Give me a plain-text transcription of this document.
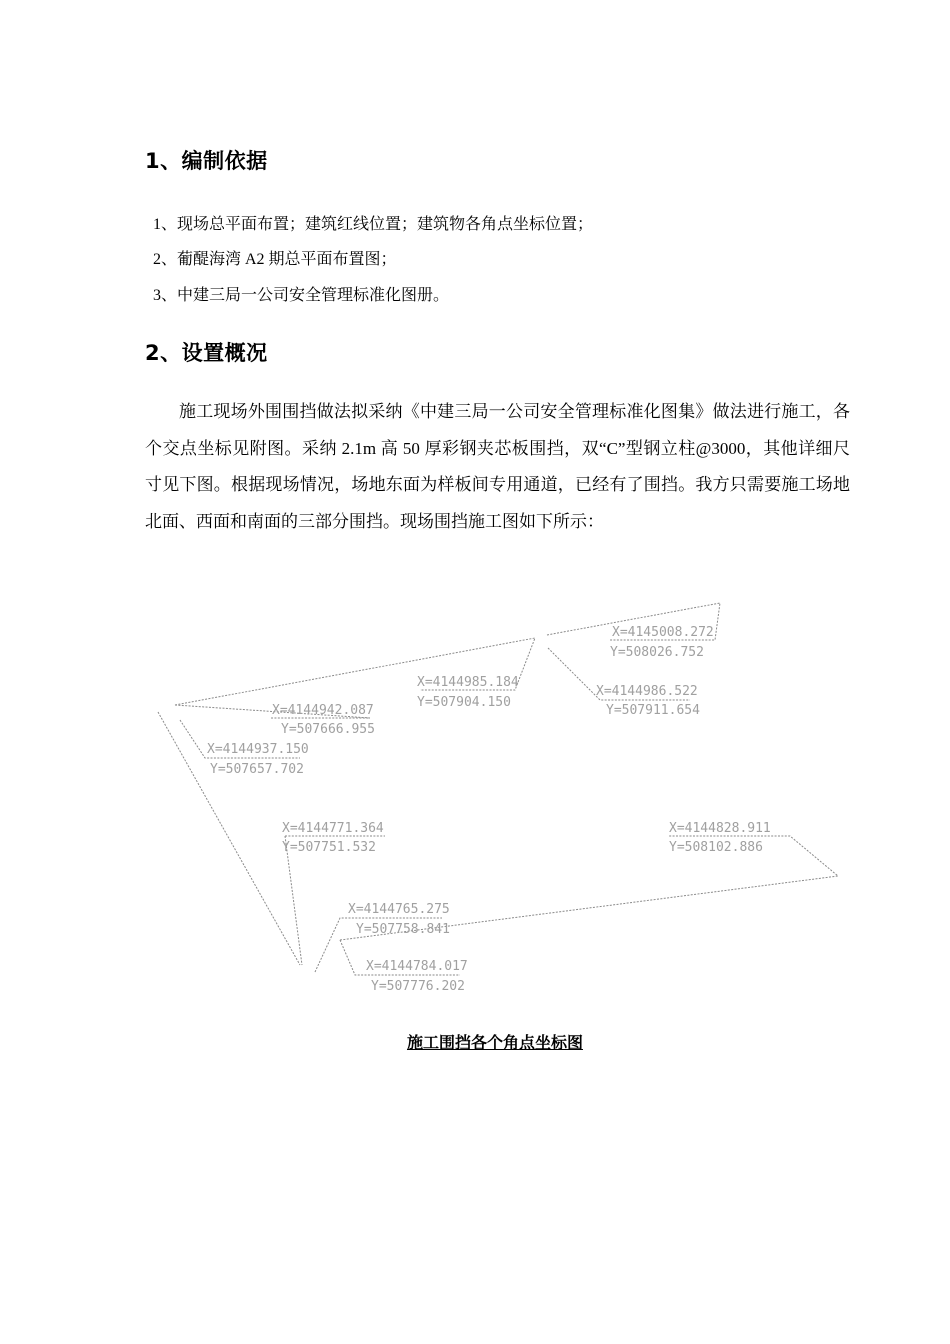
1、编制依据
1、现场总平面布置；建筑红线位置；建筑物各角点坐标位置；
2、葡醍海湾 A2 期总平面布置图；
3、中建三局一公司安全管理标准化图册。
2、设置概况

施工现场外围围挡做法拟采纳《中建三局一公司安全管理标准化图集》做法进行施工，各个交点坐标见附图。采纳 2.1m 高 50 厚彩钢夹芯板围挡，双“C”型钢立柱@3000，其他详细尺寸见下图。根据现场情况，场地东面为样板间专用通道，已经有了围挡。我方只需要施工场地北面、西面和南面的三部分围挡。现场围挡施工图如下所示：

X=4145008.272
Y=508026.752
X=4144985.184
Y=507904.150
X=4144986.522
Y=507911.654
X=4144942.087
Y=507666.955
X=4144937.150
Y=507657.702
X=4144771.364
Y=507751.532
X=4144828.911
Y=508102.886
X=4144765.275
Y=507758.841
X=4144784.017
Y=507776.202
施工围挡各个角点坐标图
